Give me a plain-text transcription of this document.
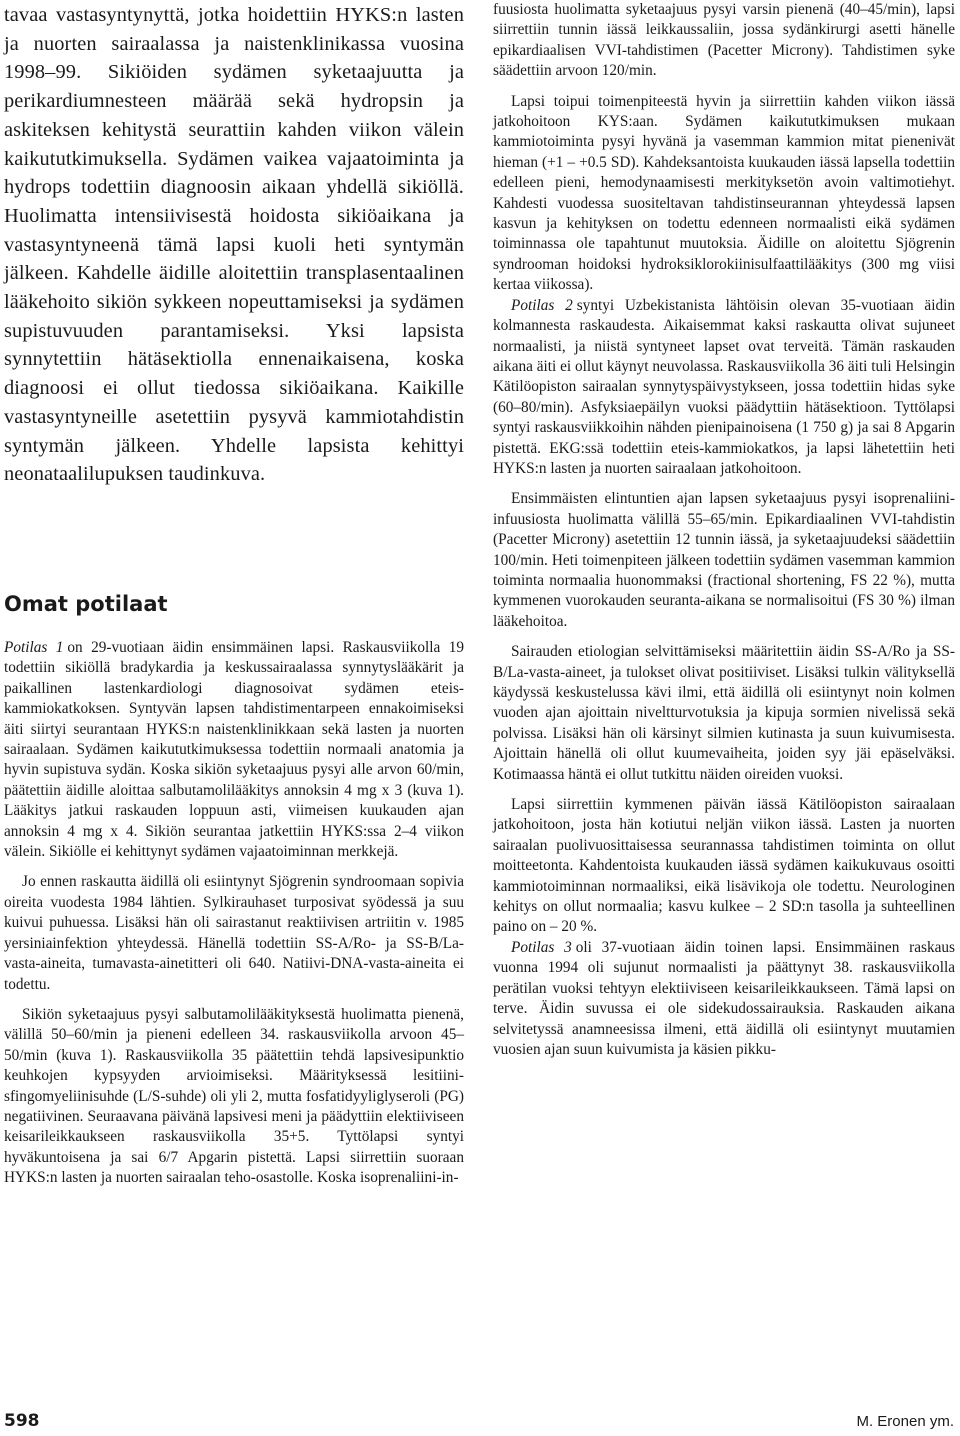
tavaa vastasyntynyttä, jotka hoidettiin HYKS:n lasten ja nuorten sairaalassa ja naistenklinikassa vuosina 1998–99. Sikiöiden sydämen syketaajuutta ja perikardiumnesteen määrää sekä hydropsin ja askiteksen kehitystä seurattiin kahden viikon välein kaikututkimuksella. Sydämen vaikea vajaatoiminta ja hydrops todettiin diagnoosin aikaan yhdellä sikiöllä. Huolimatta intensiivisestä hoidosta sikiöaikana ja vastasyntyneenä tämä lapsi kuoli heti syntymän jälkeen. Kahdelle äidille aloitettiin transplasentaalinen lääkehoito sikiön sykkeen nopeuttamiseksi ja sydämen supistuvuuden parantamiseksi. Yksi lapsista synnytettiin hätäsektiolla ennenaikaisena, koska diagnoosi ei ollut tiedossa sikiöaikana. Kaikille vastasyntyneille asetettiin pysyvä kammiotahdistin syntymän jälkeen. Yhdelle lapsista kehittyi neonataalilupuksen taudinkuva.

Omat potilaat

Potilas 1 on 29-vuotiaan äidin ensimmäinen lapsi. Raskausviikolla 19 todettiin sikiöllä bradykardia ja keskussairaalassa synnytyslääkärit ja paikallinen lastenkardiologi diagnosoivat sydämen eteis-kammiokatkoksen. Syntyvän lapsen tahdistimentarpeen ennakoimiseksi äiti siirtyi seurantaan HYKS:n naistenklinikkaan sekä lasten ja nuorten sairaalaan. Sydämen kaikututkimuksessa todettiin normaali anatomia ja hyvin supistuva sydän. Koska sikiön syketaajuus pysyi alle arvon 60/min, päätettiin äidille aloittaa salbutamolilääkitys annoksin 4 mg x 3 (kuva 1). Lääkitys jatkui raskauden loppuun asti, viimeisen kuukauden ajan annoksin 4 mg x 4. Sikiön seurantaa jatkettiin HYKS:ssa 2–4 viikon välein. Sikiölle ei kehittynyt sydämen vajaatoiminnan merkkejä.

Jo ennen raskautta äidillä oli esiintynyt Sjögrenin syndroomaan sopivia oireita vuodesta 1984 lähtien. Sylkirauhaset turposivat syödessä ja suu kuivui puhuessa. Lisäksi hän oli sairastanut reaktiivisen artriitin v. 1985 yersiniainfektion yhteydessä. Hänellä todettiin SS-A/Ro- ja SS-B/La-vasta-aineita, tumavasta-ainetitteri oli 640. Natiivi-DNA-vasta-aineita ei todettu.

Sikiön syketaajuus pysyi salbutamolilääkityksestä huolimatta pienenä, välillä 50–60/min ja pieneni edelleen 34. raskausviikolla arvoon 45–50/min (kuva 1). Raskausviikolla 35 päätettiin tehdä lapsivesipunktio keuhkojen kypsyyden arvioimiseksi. Määrityksessä lesitiini-sfingomyeliinisuhde (L/S-suhde) oli yli 2, mutta fosfatidyyliglyseroli (PG) negatiivinen. Seuraavana päivänä lapsivesi meni ja päädyttiin elektiiviseen keisarileikkaukseen raskausviikolla 35+5. Tyttölapsi syntyi hyväkuntoisena ja sai 6/7 Apgarin pistettä. Lapsi siirrettiin suoraan HYKS:n lasten ja nuorten sairaalan teho-osastolle. Koska isoprenaliini-in-

fuusiosta huolimatta syketaajuus pysyi varsin pienenä (40–45/min), lapsi siirrettiin tunnin iässä leikkaussaliin, jossa sydänkirurgi asetti hänelle epikardiaalisen VVI-tahdistimen (Pacetter Microny). Tahdistimen syke säädettiin arvoon 120/min.

Lapsi toipui toimenpiteestä hyvin ja siirrettiin kahden viikon iässä jatkohoitoon KYS:aan. Sydämen kaikututkimuksen mukaan kammiotoiminta pysyi hyvänä ja vasemman kammion mitat pienenivät hieman (+1 – +0.5 SD). Kahdeksantoista kuukauden iässä lapsella todettiin edelleen pieni, hemodynaamisesti merkityksetön avoin valtimotiehyt. Kahdesti vuodessa suositeltavan tahdistinseurannan yhteydessä lapsen kasvun ja kehityksen on todettu edenneen normaalisti eikä sydämen toiminnassa ole tapahtunut muutoksia. Äidille on aloitettu Sjögrenin syndrooman hoidoksi hydroksiklorokiinisulfaattilääkitys (300 mg viisi kertaa viikossa).

Potilas 2 syntyi Uzbekistanista lähtöisin olevan 35-vuotiaan äidin kolmannesta raskaudesta. Aikaisemmat kaksi raskautta olivat sujuneet normaalisti, ja niistä syntyneet lapset ovat terveitä. Tämän raskauden aikana äiti ei ollut käynyt neuvolassa. Raskausviikolla 36 äiti tuli Helsingin Kätilöopiston sairaalan synnytyspäivystykseen, jossa todettiin hidas syke (60–80/min). Asfyksiaepäilyn vuoksi päädyttiin hätäsektioon. Tyttölapsi syntyi raskausviikkoihin nähden pienipainoisena (1 750 g) ja sai 8 Apgarin pistettä. EKG:ssä todettiin eteis-kammiokatkos, ja lapsi lähetettiin heti HYKS:n lasten ja nuorten sairaalaan jatkohoitoon.

Ensimmäisten elintuntien ajan lapsen syketaajuus pysyi isoprenaliini-infuusiosta huolimatta välillä 55–65/min. Epikardiaalinen VVI-tahdistin (Pacetter Microny) asetettiin 12 tunnin iässä, ja syketaajuudeksi säädettiin 100/min. Heti toimenpiteen jälkeen todettiin sydämen vasemman kammion toiminta normaalia huonommaksi (fractional shortening, FS 22 %), mutta kymmenen vuorokauden seuranta-aikana se normalisoitui (FS 30 %) ilman lääkehoitoa.

Sairauden etiologian selvittämiseksi määritettiin äidin SS-A/Ro ja SS-B/La-vasta-aineet, ja tulokset olivat positiiviset. Lisäksi tulkin välityksellä käydyssä keskustelussa kävi ilmi, että äidillä oli esiintynyt noin kolmen vuoden ajan ajoittain niveltturvotuksia ja kipuja sormien nivelissä sekä polvissa. Lisäksi hän oli kärsinyt silmien kutinasta ja suun kuivumisesta. Ajoittain hänellä oli ollut kuumevaiheita, joiden syy jäi epäselväksi. Kotimaassa häntä ei ollut tutkittu näiden oireiden vuoksi.

Lapsi siirrettiin kymmenen päivän iässä Kätilöopiston sairaalaan jatkohoitoon, josta hän kotiutui neljän viikon iässä. Lasten ja nuorten sairaalan puolivuosittaisessa seurannassa tahdistimen toiminta on ollut moitteetonta. Kahdentoista kuukauden iässä sydämen kaikukuvaus osoitti kammiotoiminnan normaaliksi, eikä lisävikoja ole todettu. Neurologinen kehitys on ollut normaalia; kasvu kulkee – 2 SD:n tasolla ja suhteellinen paino on – 20 %.

Potilas 3 oli 37-vuotiaan äidin toinen lapsi. Ensimmäinen raskaus vuonna 1994 oli sujunut normaalisti ja päättynyt 38. raskausviikolla perätilan vuoksi tehtyyn elektiiviseen keisarileikkaukseen. Tämä lapsi on terve. Äidin suvussa ei ole sidekudossairauksia. Raskauden aikana selvitetyssä anamneesissa ilmeni, että äidillä oli esiintynyt muutamien vuosien ajan suun kuivumista ja käsien pikku-

598	M. Eronen ym.
